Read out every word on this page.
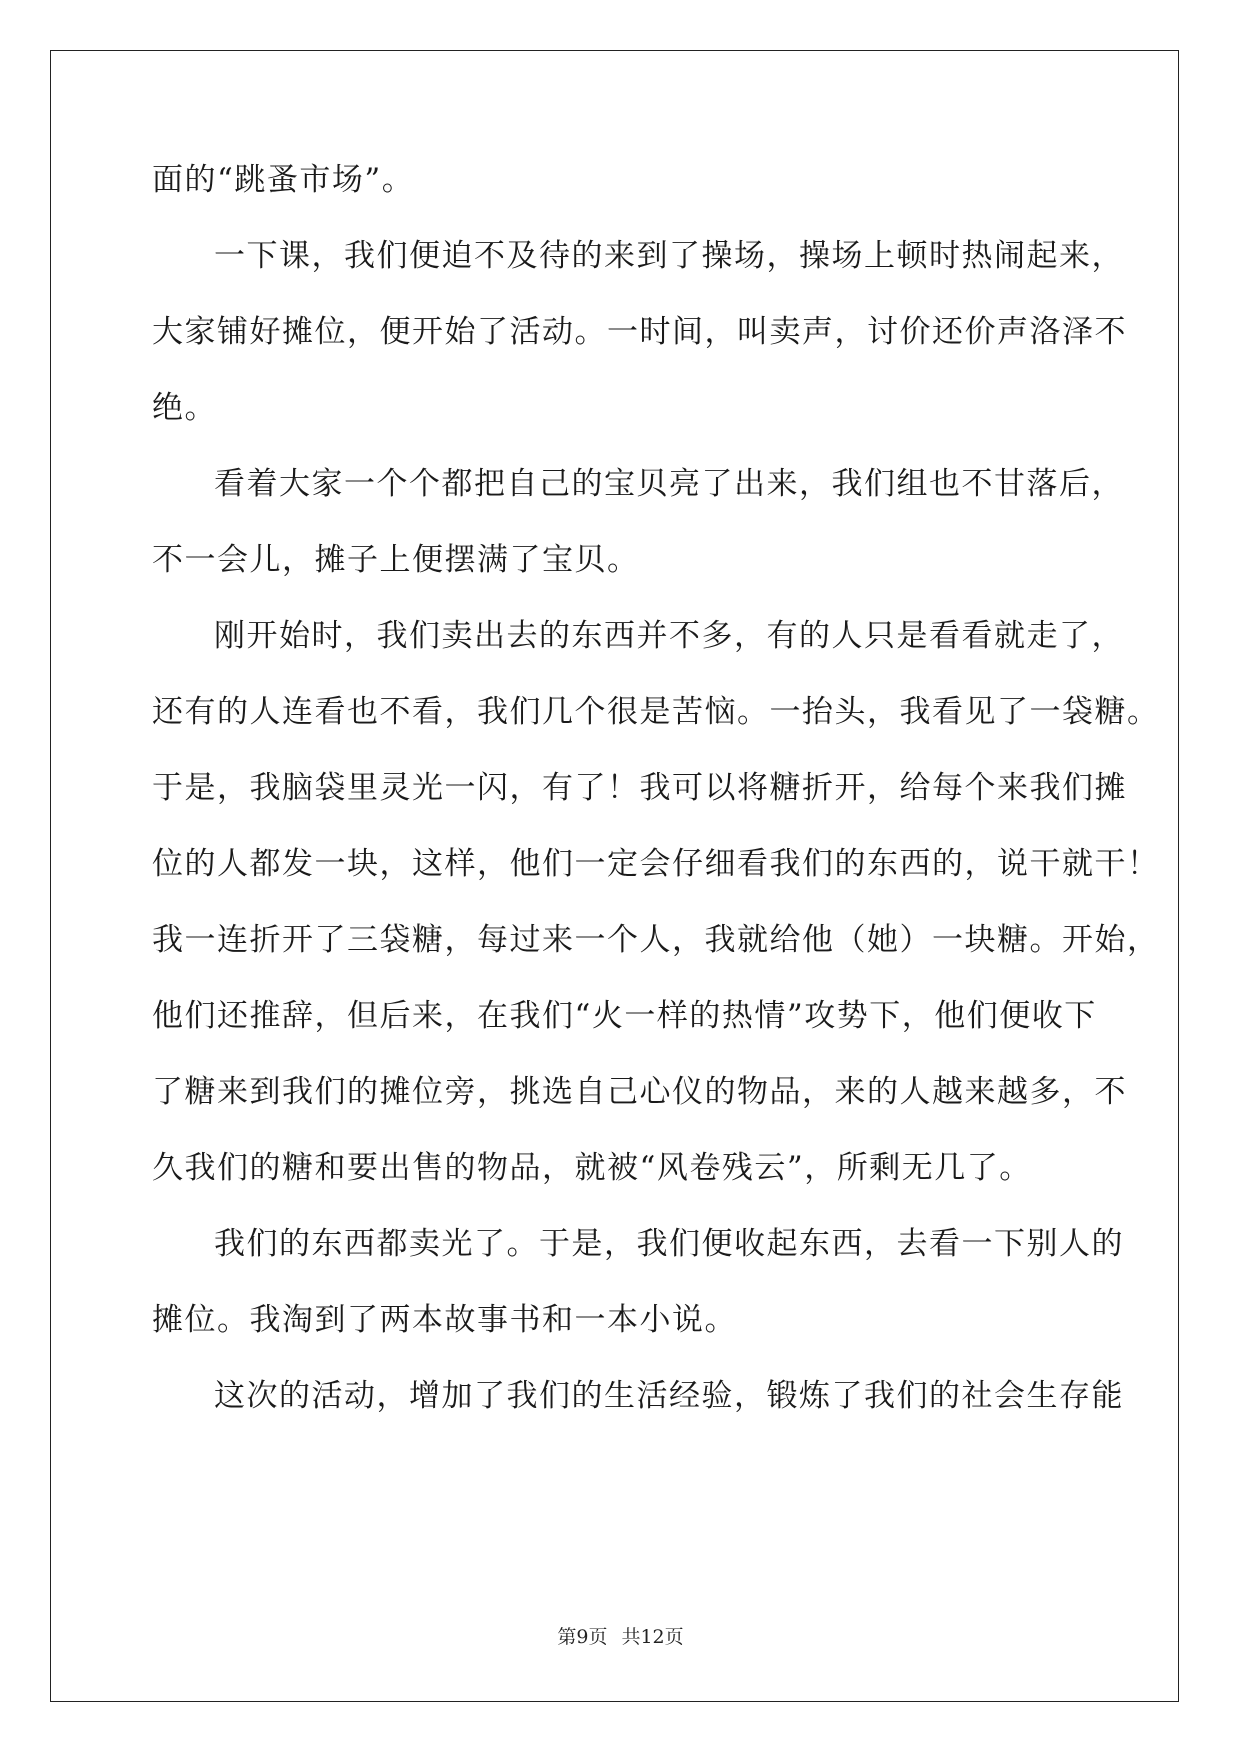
面的“跳蚤市场”。
一下课，我们便迫不及待的来到了操场，操场上顿时热闹起来，
大家铺好摊位，便开始了活动。一时间，叫卖声，讨价还价声洛泽不
绝。
看着大家一个个都把自己的宝贝亮了出来，我们组也不甘落后，
不一会儿，摊子上便摆满了宝贝。
刚开始时，我们卖出去的东西并不多，有的人只是看看就走了，
还有的人连看也不看，我们几个很是苦恼。一抬头，我看见了一袋糖。
于是，我脑袋里灵光一闪，有了！我可以将糖折开，给每个来我们摊
位的人都发一块，这样，他们一定会仔细看我们的东西的，说干就干！
我一连折开了三袋糖，每过来一个人，我就给他（她）一块糖。开始，
他们还推辞，但后来，在我们“火一样的热情”攻势下，他们便收下
了糖来到我们的摊位旁，挑选自己心仪的物品，来的人越来越多，不
久我们的糖和要出售的物品，就被“风卷残云”，所剩无几了。
我们的东西都卖光了。于是，我们便收起东西，去看一下别人的
摊位。我淘到了两本故事书和一本小说。
这次的活动，增加了我们的生活经验，锻炼了我们的社会生存能
第9页 共12页
